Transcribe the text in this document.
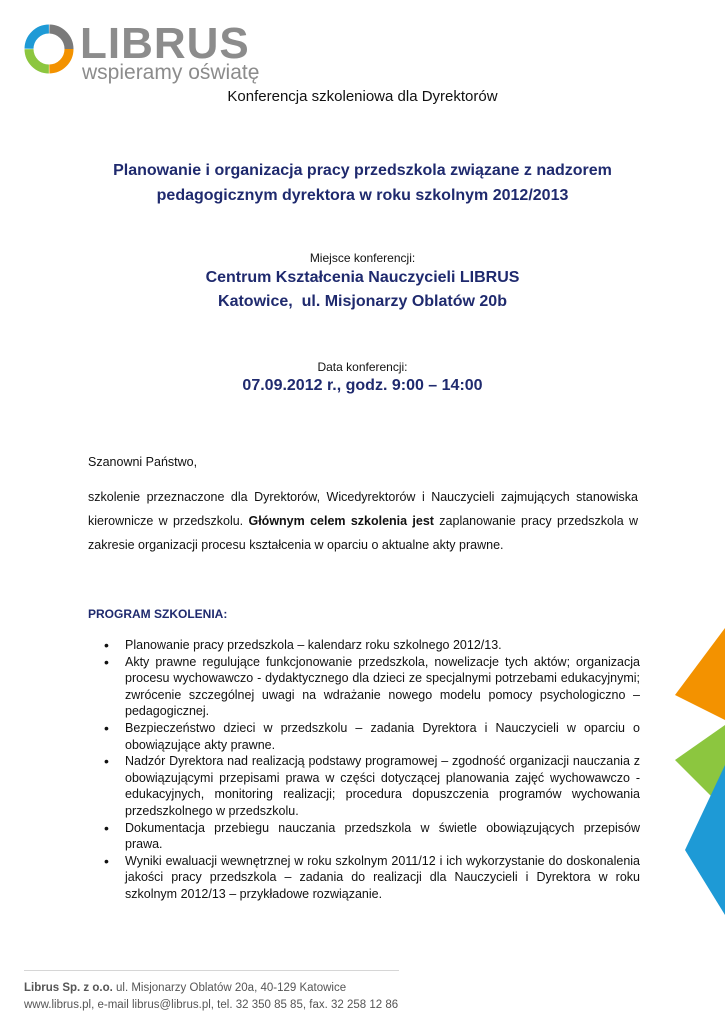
LIBRUS
wspieramy oświatę
Konferencja szkoleniowa dla Dyrektorów
Planowanie i organizacja pracy przedszkola związane z nadzorem
pedagogicznym dyrektora w roku szkolnym 2012/2013
Miejsce konferencji:
Centrum Kształcenia Nauczycieli LIBRUS
Katowice,  ul. Misjonarzy Oblatów 20b
Data konferencji:
07.09.2012 r., godz. 9:00 – 14:00
Szanowni Państwo,
szkolenie przeznaczone dla Dyrektorów, Wicedyrektorów i Nauczycieli zajmujących stanowiska kierownicze w przedszkolu. Głównym celem szkolenia jest zaplanowanie pracy przedszkola w zakresie organizacji procesu kształcenia w oparciu o aktualne akty prawne.
PROGRAM SZKOLENIA:
• Planowanie pracy przedszkola – kalendarz roku szkolnego 2012/13.
• Akty prawne regulujące funkcjonowanie przedszkola, nowelizacje tych aktów; organizacja procesu wychowawczo - dydaktycznego dla dzieci ze specjalnymi potrzebami edukacyjnymi; zwrócenie szczególnej uwagi na wdrażanie nowego modelu pomocy psychologiczno – pedagogicznej.
• Bezpieczeństwo dzieci w przedszkolu – zadania Dyrektora i Nauczycieli w oparciu o obowiązujące akty prawne.
• Nadzór Dyrektora nad realizacją podstawy programowej – zgodność organizacji nauczania z obowiązującymi przepisami prawa w części dotyczącej planowania zajęć wychowawczo - edukacyjnych, monitoring realizacji; procedura dopuszczenia programów wychowania przedszkolnego w przedszkolu.
• Dokumentacja przebiegu nauczania przedszkola w świetle obowiązujących przepisów prawa.
• Wyniki ewaluacji wewnętrznej w roku szkolnym 2011/12 i ich wykorzystanie do doskonalenia jakości pracy przedszkola – zadania do realizacji dla Nauczycieli i Dyrektora w roku szkolnym 2012/13 – przykładowe rozwiązanie.
Librus Sp. z o.o. ul. Misjonarzy Oblatów 20a, 40-129 Katowice
www.librus.pl, e-mail librus@librus.pl, tel. 32 350 85 85, fax. 32 258 12 86
